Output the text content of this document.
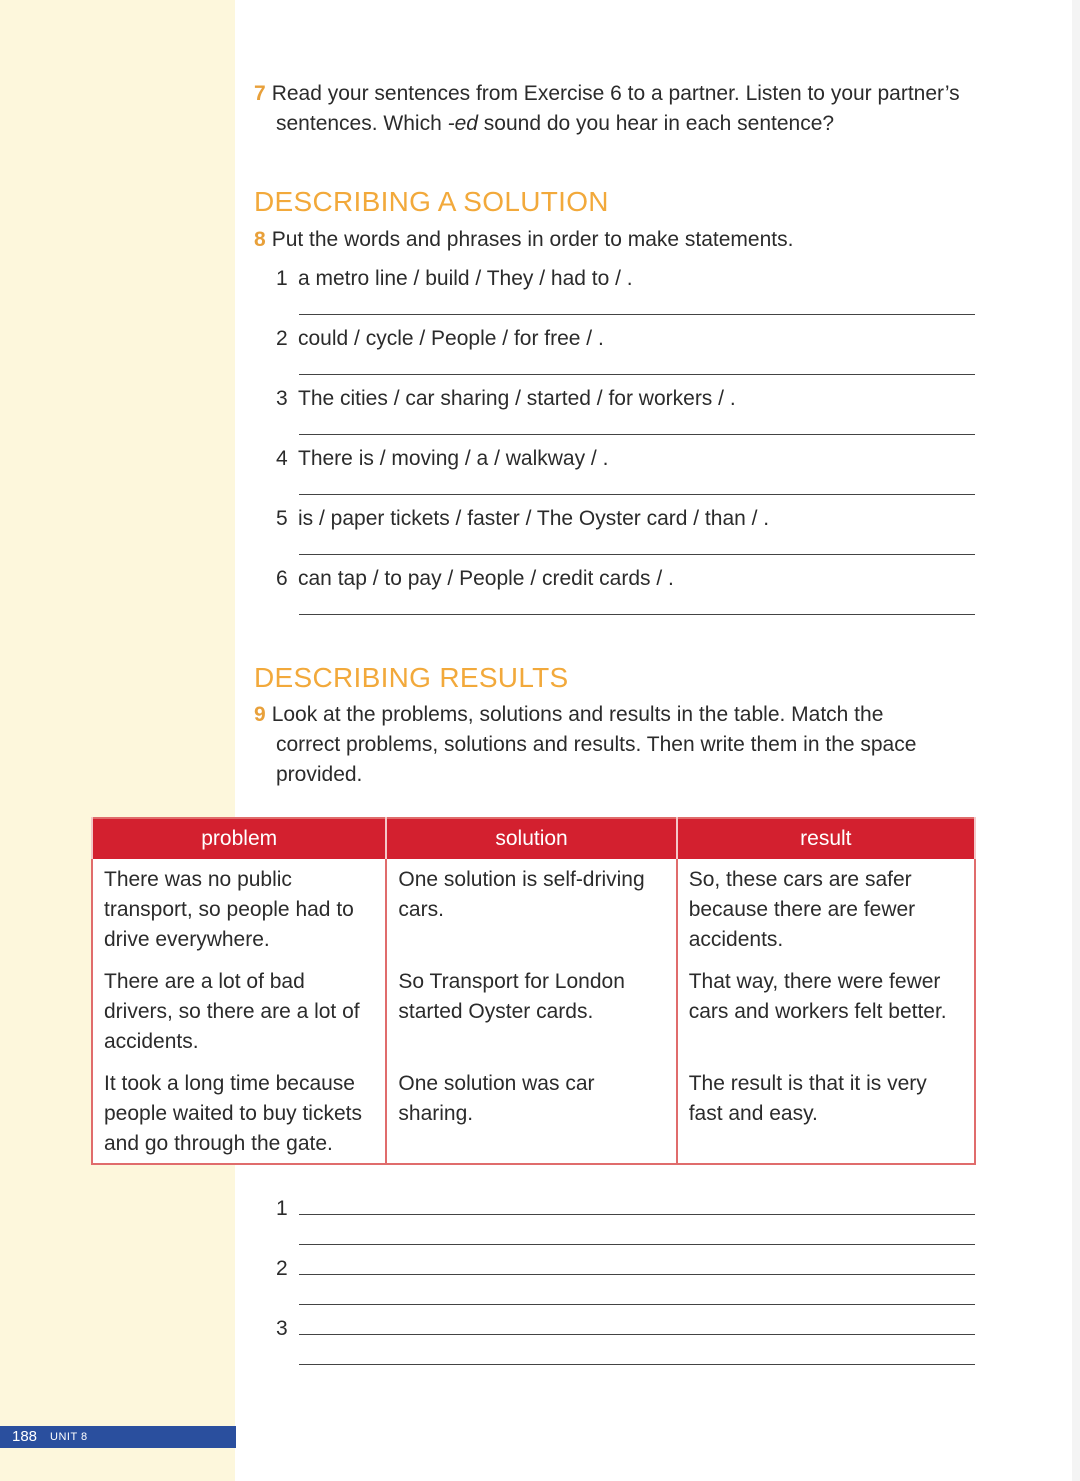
7 Read your sentences from Exercise 6 to a partner. Listen to your partner’s sentences. Which -ed sound do you hear in each sentence?
DESCRIBING A SOLUTION
8 Put the words and phrases in order to make statements.
1 a metro line / build / They / had to / .
2 could / cycle / People / for free / .
3 The cities / car sharing / started / for workers / .
4 There is / moving / a / walkway / .
5 is / paper tickets / faster / The Oyster card / than / .
6 can tap / to pay / People / credit cards / .
DESCRIBING RESULTS
9 Look at the problems, solutions and results in the table. Match the correct problems, solutions and results. Then write them in the space provided.
problem	solution	result
There was no public transport, so people had to drive everywhere.	One solution is self-driving cars.	So, these cars are safer because there are fewer accidents.
There are a lot of bad drivers, so there are a lot of accidents.	So Transport for London started Oyster cards.	That way, there were fewer cars and workers felt better.
It took a long time because people waited to buy tickets and go through the gate.	One solution was car sharing.	The result is that it is very fast and easy.
1
2
3
188 UNIT 8
